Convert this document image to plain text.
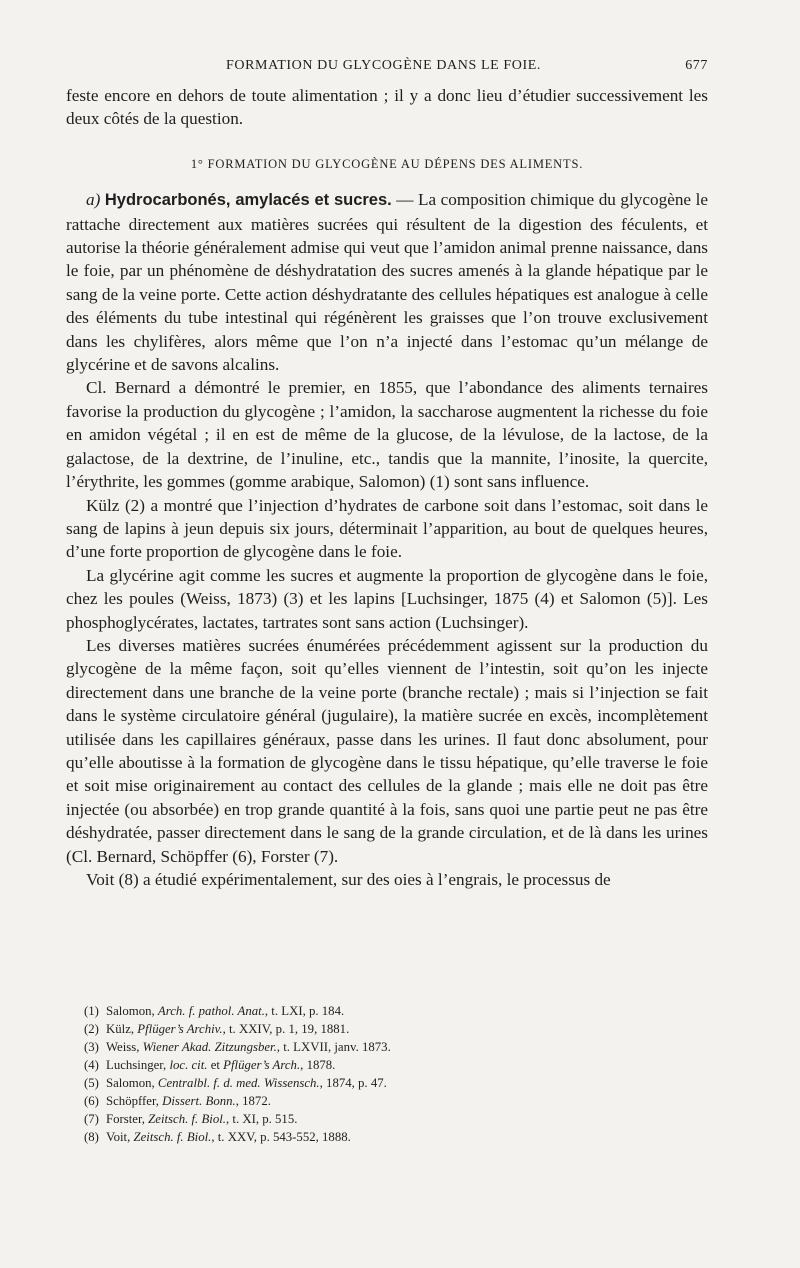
FORMATION DU GLYCOGÈNE DANS LE FOIE.	677

feste encore en dehors de toute alimentation ; il y a donc lieu d’étudier successivement les deux côtés de la question.

1° FORMATION DU GLYCOGÈNE AU DÉPENS DES ALIMENTS.

a) Hydrocarbonés, amylacés et sucres. — La composition chimique du glycogène le rattache directement aux matières sucrées qui résultent de la digestion des féculents, et autorise la théorie généralement admise qui veut que l’amidon animal prenne naissance, dans le foie, par un phénomène de déshydratation des sucres amenés à la glande hépatique par le sang de la veine porte. Cette action déshydratante des cellules hépatiques est analogue à celle des éléments du tube intestinal qui régénèrent les graisses que l’on trouve exclusivement dans les chylifères, alors même que l’on n’a injecté dans l’estomac qu’un mélange de glycérine et de savons alcalins.

Cl. Bernard a démontré le premier, en 1855, que l’abondance des aliments ternaires favorise la production du glycogène ; l’amidon, la saccharose augmentent la richesse du foie en amidon végétal ; il en est de même de la glucose, de la lévulose, de la lactose, de la galactose, de la dextrine, de l’inuline, etc., tandis que la mannite, l’inosite, la quercite, l’érythrite, les gommes (gomme arabique, Salomon) (1) sont sans influence.

Külz (2) a montré que l’injection d’hydrates de carbone soit dans l’estomac, soit dans le sang de lapins à jeun depuis six jours, déterminait l’apparition, au bout de quelques heures, d’une forte proportion de glycogène dans le foie.

La glycérine agit comme les sucres et augmente la proportion de glycogène dans le foie, chez les poules (Weiss, 1873) (3) et les lapins [Luchsinger, 1875 (4) et Salomon (5)]. Les phosphoglycérates, lactates, tartrates sont sans action (Luchsinger).

Les diverses matières sucrées énumérées précédemment agissent sur la production du glycogène de la même façon, soit qu’elles viennent de l’intestin, soit qu’on les injecte directement dans une branche de la veine porte (branche rectale) ; mais si l’injection se fait dans le système circulatoire général (jugulaire), la matière sucrée en excès, incomplètement utilisée dans les capillaires généraux, passe dans les urines. Il faut donc absolument, pour qu’elle aboutisse à la formation de glycogène dans le tissu hépatique, qu’elle traverse le foie et soit mise originairement au contact des cellules de la glande ; mais elle ne doit pas être injectée (ou absorbée) en trop grande quantité à la fois, sans quoi une partie peut ne pas être déshydratée, passer directement dans le sang de la grande circulation, et de là dans les urines (Cl. Bernard, Schöpffer (6), Forster (7).

Voit (8) a étudié expérimentalement, sur des oies à l’engrais, le processus de

(1) Salomon, Arch. f. pathol. Anat., t. LXI, p. 184.
(2) Külz, Pflüger’s Archiv., t. XXIV, p. 1, 19, 1881.
(3) Weiss, Wiener Akad. Zitzungsber., t. LXVII, janv. 1873.
(4) Luchsinger, loc. cit. et Pflüger’s Arch., 1878.
(5) Salomon, Centralbl. f. d. med. Wissensch., 1874, p. 47.
(6) Schöpffer, Dissert. Bonn., 1872.
(7) Forster, Zeitsch. f. Biol., t. XI, p. 515.
(8) Voit, Zeitsch. f. Biol., t. XXV, p. 543-552, 1888.
